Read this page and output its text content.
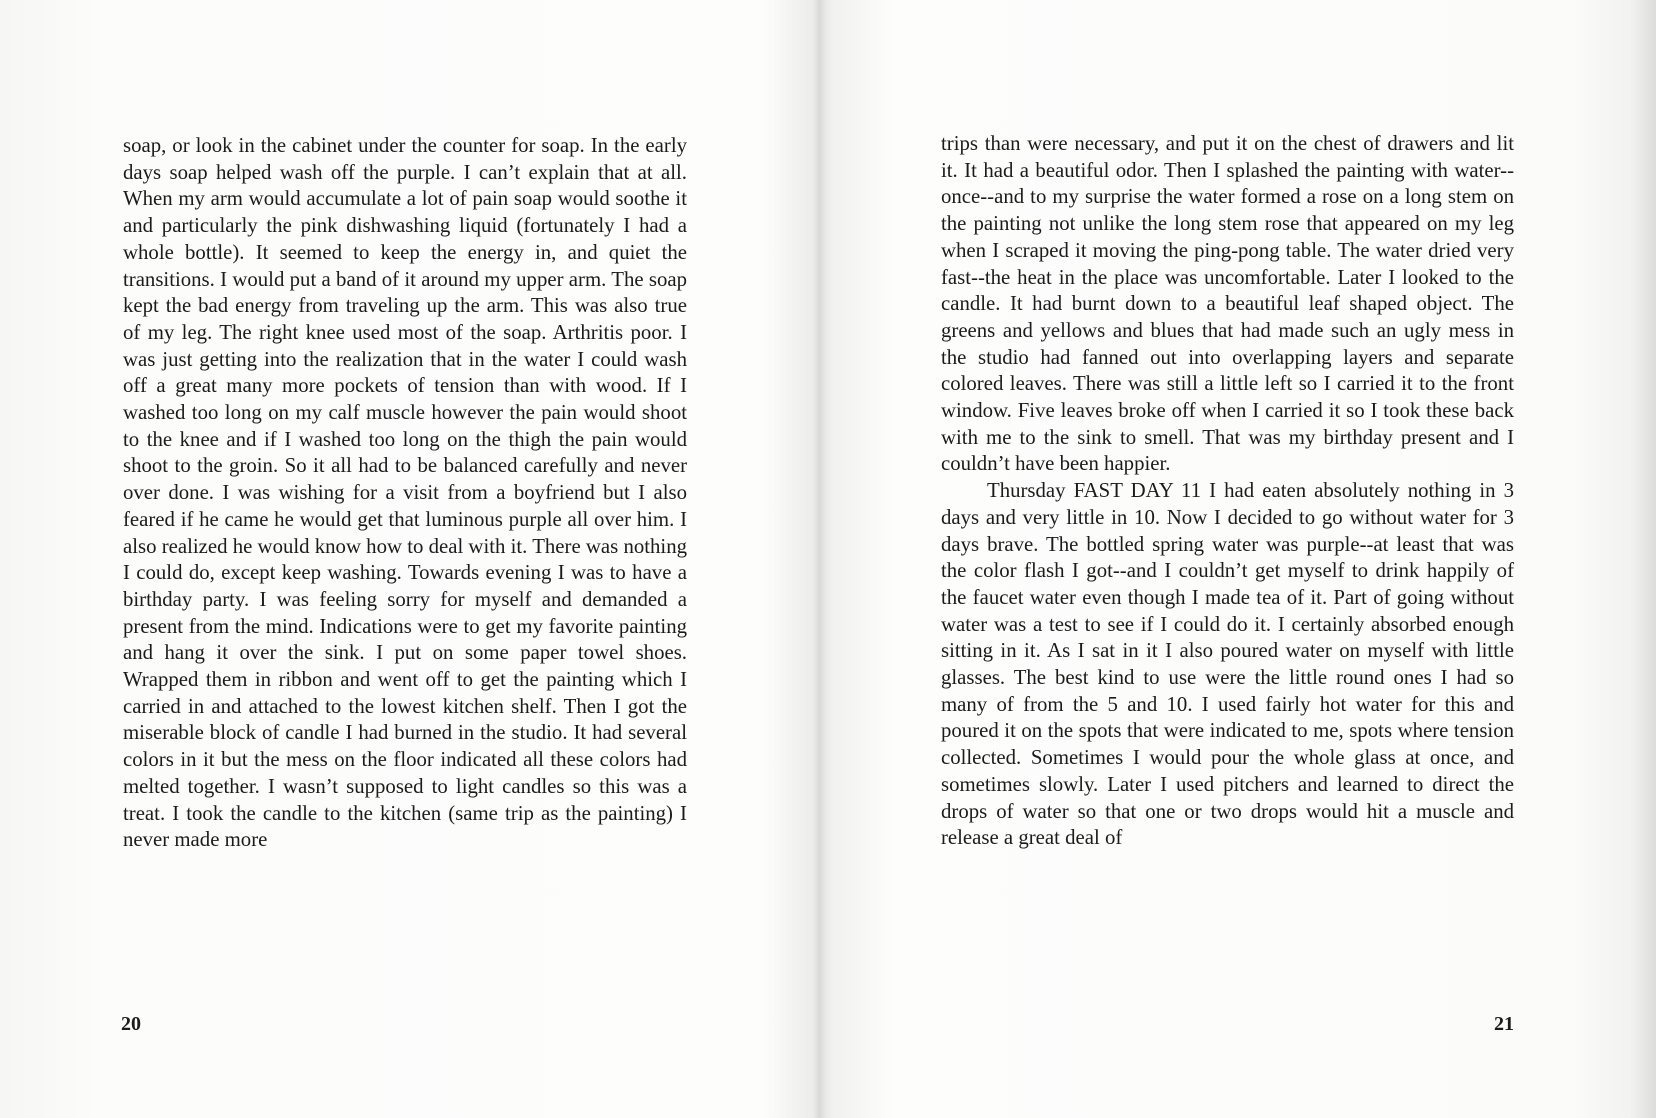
soap, or look in the cabinet under the counter for soap. In the early days soap helped wash off the purple. I can’t explain that at all. When my arm would accumulate a lot of pain soap would soothe it and particularly the pink dishwashing liquid (fortunately I had a whole bottle). It seemed to keep the energy in, and quiet the transitions. I would put a band of it around my upper arm. The soap kept the bad energy from traveling up the arm. This was also true of my leg. The right knee used most of the soap. Arthritis poor. I was just getting into the realization that in the water I could wash off a great many more pockets of tension than with wood. If I washed too long on my calf muscle however the pain would shoot to the knee and if I washed too long on the thigh the pain would shoot to the groin. So it all had to be balanced carefully and never over done. I was wishing for a visit from a boyfriend but I also feared if he came he would get that luminous purple all over him. I also realized he would know how to deal with it. There was nothing I could do, except keep washing. Towards evening I was to have a birthday party. I was feeling sorry for myself and demanded a present from the mind. Indications were to get my favorite painting and hang it over the sink. I put on some paper towel shoes. Wrapped them in ribbon and went off to get the painting which I carried in and attached to the lowest kitchen shelf. Then I got the miserable block of candle I had burned in the studio. It had several colors in it but the mess on the floor indicated all these colors had melted together. I wasn’t supposed to light candles so this was a treat. I took the candle to the kitchen (same trip as the painting) I never made more

20

trips than were necessary, and put it on the chest of drawers and lit it. It had a beautiful odor. Then I splashed the painting with water--once--and to my surprise the water formed a rose on a long stem on the painting not unlike the long stem rose that appeared on my leg when I scraped it moving the ping-pong table. The water dried very fast--the heat in the place was uncomfortable. Later I looked to the candle. It had burnt down to a beautiful leaf shaped object. The greens and yellows and blues that had made such an ugly mess in the studio had fanned out into overlapping layers and separate colored leaves. There was still a little left so I carried it to the front window. Five leaves broke off when I carried it so I took these back with me to the sink to smell. That was my birthday present and I couldn’t have been happier.

Thursday FAST DAY 11 I had eaten absolutely nothing in 3 days and very little in 10. Now I decided to go without water for 3 days brave. The bottled spring water was purple--at least that was the color flash I got--and I couldn’t get myself to drink happily of the faucet water even though I made tea of it. Part of going without water was a test to see if I could do it. I certainly absorbed enough sitting in it. As I sat in it I also poured water on myself with little glasses. The best kind to use were the little round ones I had so many of from the 5 and 10. I used fairly hot water for this and poured it on the spots that were indicated to me, spots where tension collected. Sometimes I would pour the whole glass at once, and sometimes slowly. Later I used pitchers and learned to direct the drops of water so that one or two drops would hit a muscle and release a great deal of

21
